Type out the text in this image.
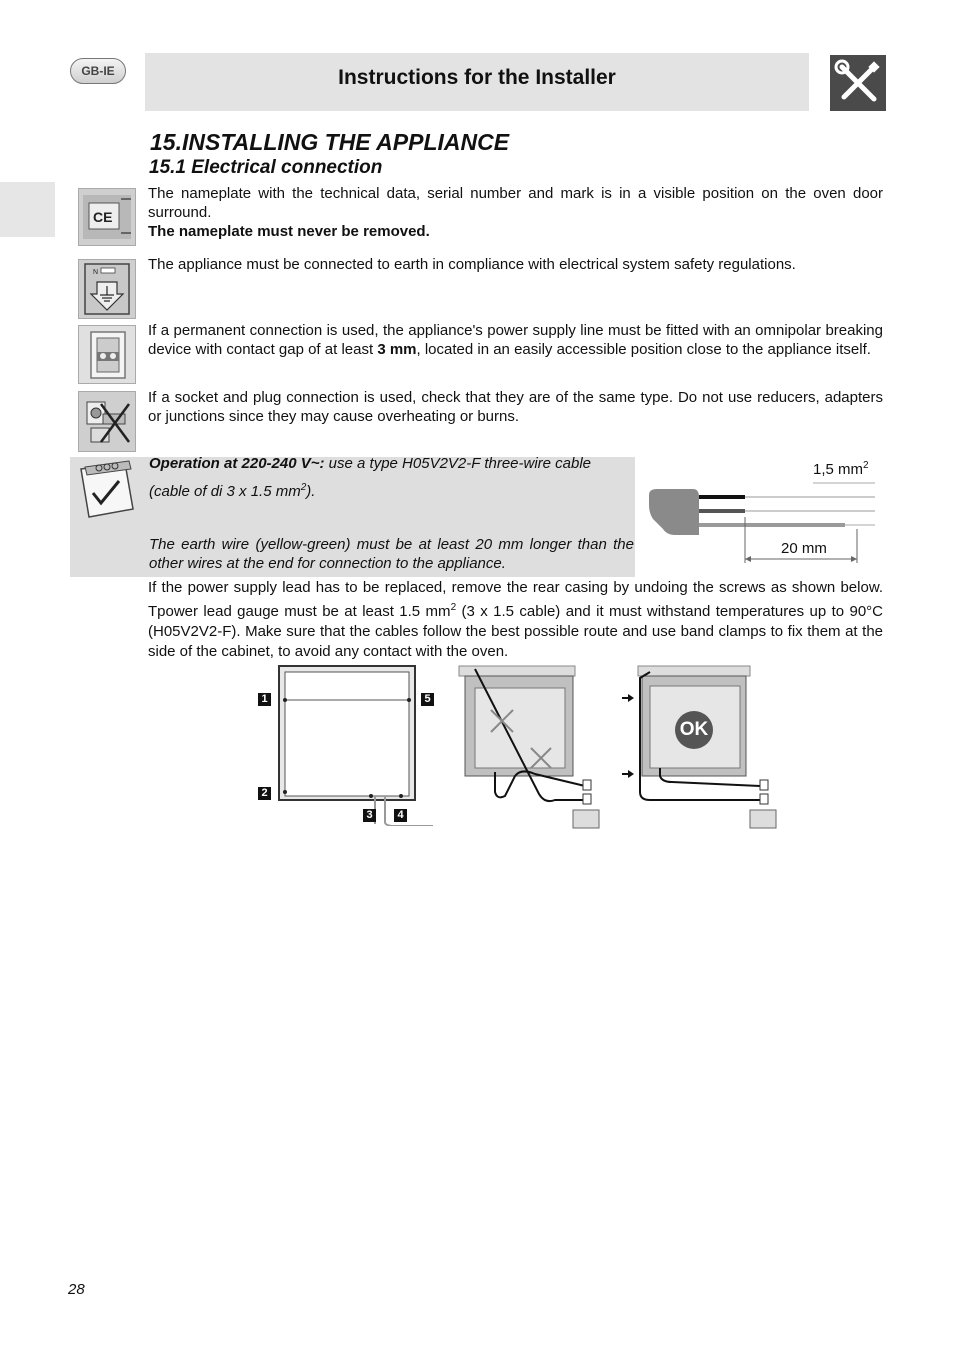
GB-IE	Instructions for the Installer
15.INSTALLING THE APPLIANCE
15.1 Electrical connection
CE
The nameplate with the technical data, serial number and mark is in a visible position on the oven door surround.
The nameplate must never be removed.
N	The appliance must be connected to earth in compliance with electrical system safety regulations.
If a permanent connection is used, the appliance's power supply line must be fitted with an omnipolar breaking device with contact gap of at least 3 mm, located in an easily accessible position close to the appliance itself.
If a socket and plug connection is used, check that they are of the same type. Do not use reducers, adapters or junctions since they may cause overheating or burns.
Operation at 220-240 V~: use a type H05V2V2-F three-wire cable
(cable of di 3 x 1.5 $mm^2$).
The earth wire (yellow-green) must be at least 20 mm longer than the other wires at the end for connection to the appliance.
1,5 $mm^2$
20 mm
If the power supply lead has to be replaced, remove the rear casing by undoing the screws as shown below. Tpower lead gauge must be at least 1.5 $mm^2$ (3 x 1.5 cable) and it must withstand temperatures up to 90°C (H05V2V2-F). Make sure that the cables follow the best possible route and use band clamps to fix them at the side of the cabinet, to avoid any contact with the oven.
1
2
3	4
5
OK
28
